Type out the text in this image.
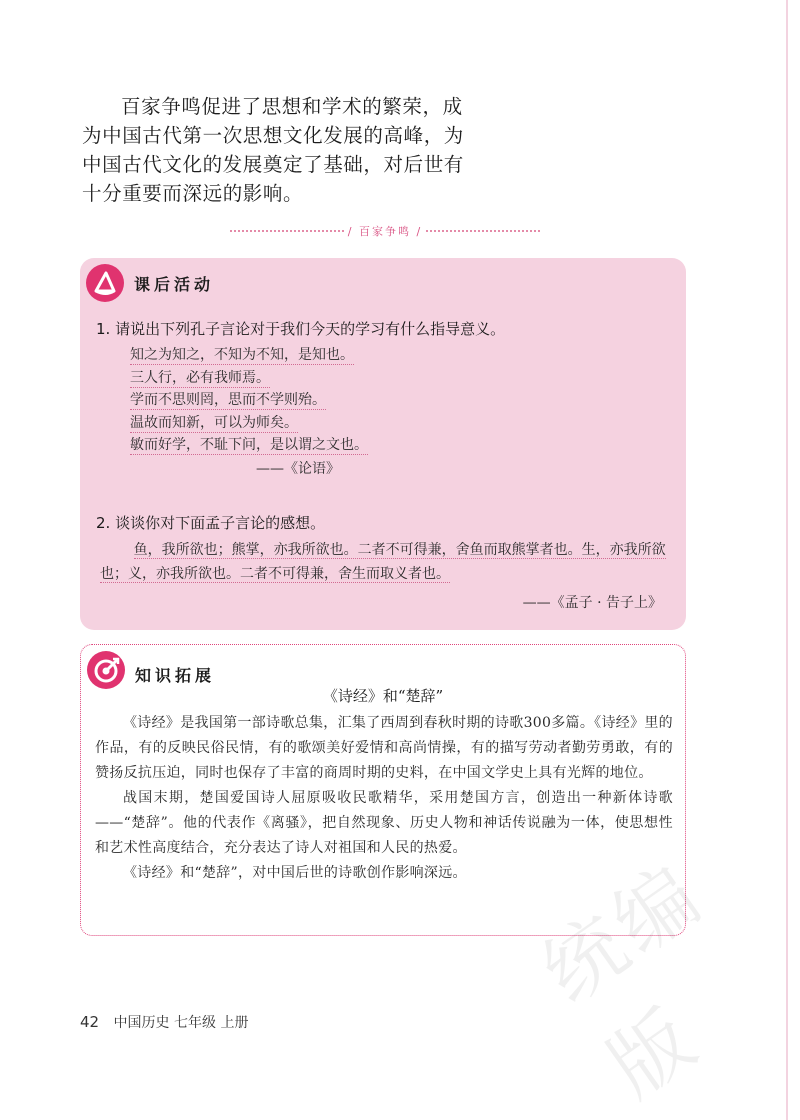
百家争鸣促进了思想和学术的繁荣，成为中国古代第一次思想文化发展的高峰，为中国古代文化的发展奠定了基础，对后世有十分重要而深远的影响。

/ 百家争鸣 /
课后活动
1. 请说出下列孔子言论对于我们今天的学习有什么指导意义。
知之为知之，不知为不知，是知也。
三人行，必有我师焉。
学而不思则罔，思而不学则殆。
温故而知新，可以为师矣。
敏而好学，不耻下问，是以谓之文也。
——《论语》
2. 谈谈你对下面孟子言论的感想。

鱼，我所欲也；熊掌，亦我所欲也。二者不可得兼，舍鱼而取熊掌者也。生，亦我所欲也；义，亦我所欲也。二者不可得兼，舍生而取义者也。

——《孟子 · 告子上》
知识拓展
《诗经》和“楚辞”

《诗经》是我国第一部诗歌总集，汇集了西周到春秋时期的诗歌300多篇。《诗经》里的作品，有的反映民俗民情，有的歌颂美好爱情和高尚情操，有的描写劳动者勤劳勇敢，有的赞扬反抗压迫，同时也保存了丰富的商周时期的史料，在中国文学史上具有光辉的地位。

战国末期，楚国爱国诗人屈原吸收民歌精华，采用楚国方言，创造出一种新体诗歌——“楚辞”。他的代表作《离骚》，把自然现象、历史人物和神话传说融为一体，使思想性和艺术性高度结合，充分表达了诗人对祖国和人民的热爱。

《诗经》和“楚辞”，对中国后世的诗歌创作影响深远。

42 中国历史 七年级 上册
统编版
